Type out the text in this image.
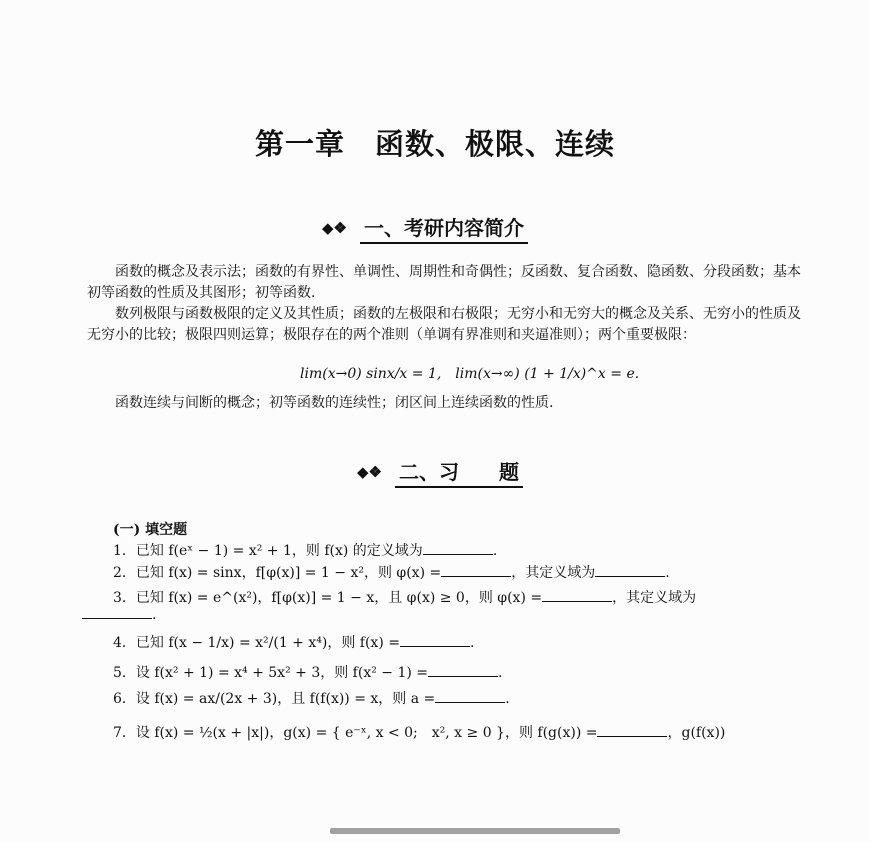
第一章　函数、极限、连续
◆❖ 一、考研内容简介
函数的概念及表示法；函数的有界性、单调性、周期性和奇偶性；反函数、复合函数、隐函数、分段函数；基本初等函数的性质及其图形；初等函数.
数列极限与函数极限的定义及其性质；函数的左极限和右极限；无穷小和无穷大的概念及关系、无穷小的性质及无穷小的比较；极限四则运算；极限存在的两个准则（单调有界准则和夹逼准则）；两个重要极限：
lim(x→0) sinx/x = 1,　lim(x→∞) (1 + 1/x)^x = e.
函数连续与间断的概念；初等函数的连续性；闭区间上连续函数的性质.
◆❖ 二、习　　题
(一) 填空题
1．已知 f(eˣ − 1) = x² + 1，则 f(x) 的定义域为	.
2．已知 f(x) = sinx，f[φ(x)] = 1 − x²，则 φ(x) =	，其定义域为	.
3．已知 f(x) = e^(x²)，f[φ(x)] = 1 − x，且 φ(x) ≥ 0，则 φ(x) =	，其定义域为
.
4．已知 f(x − 1/x) = x²/(1 + x⁴)，则 f(x) =	.
5．设 f(x² + 1) = x⁴ + 5x² + 3，则 f(x² − 1) =	.
6．设 f(x) = ax/(2x + 3)，且 f(f(x)) = x，则 a =	.
7．设 f(x) = ½(x + |x|)，g(x) = { e⁻ˣ, x < 0;　x², x ≥ 0 }，则 f(g(x)) =	，g(f(x))
